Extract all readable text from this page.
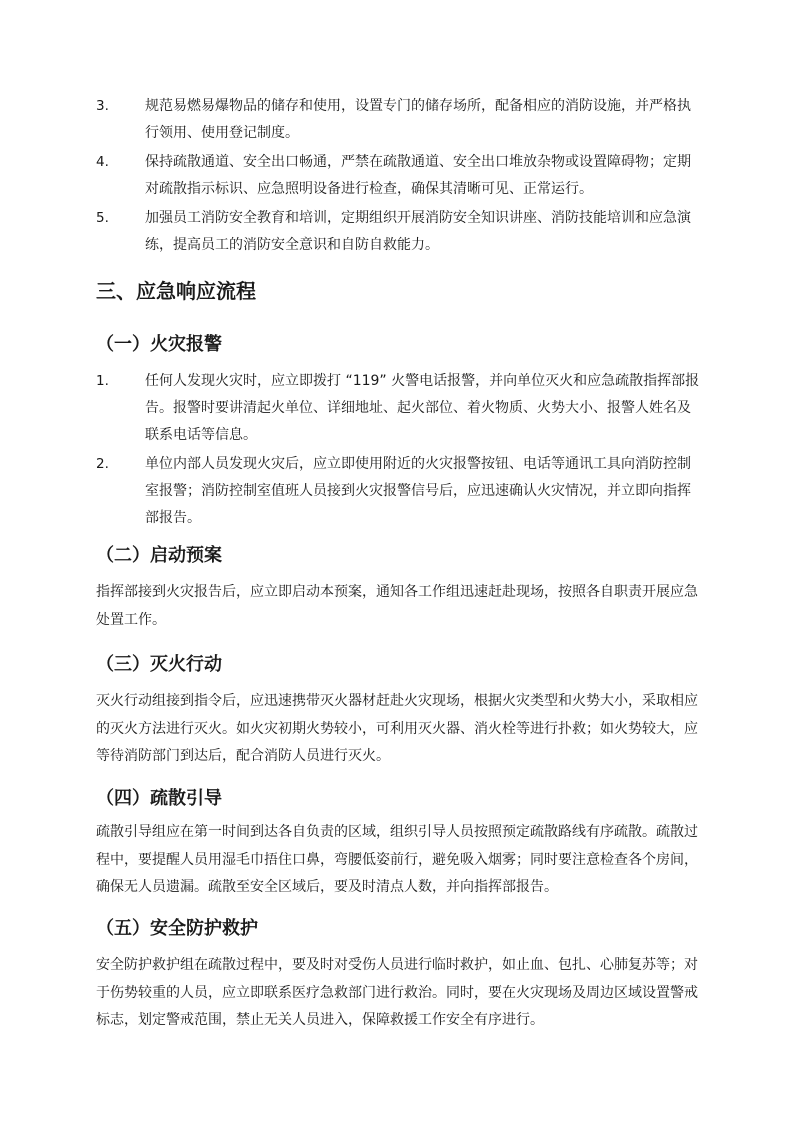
3.	规范易燃易爆物品的储存和使用，设置专门的储存场所，配备相应的消防设施，并严格执行领用、使用登记制度。
4.	保持疏散通道、安全出口畅通，严禁在疏散通道、安全出口堆放杂物或设置障碍物；定期对疏散指示标识、应急照明设备进行检查，确保其清晰可见、正常运行。
5.	加强员工消防安全教育和培训，定期组织开展消防安全知识讲座、消防技能培训和应急演练，提高员工的消防安全意识和自防自救能力。
三、应急响应流程
（一）火灾报警
1.	任何人发现火灾时，应立即拨打 “119” 火警电话报警，并向单位灭火和应急疏散指挥部报告。报警时要讲清起火单位、详细地址、起火部位、着火物质、火势大小、报警人姓名及联系电话等信息。
2.	单位内部人员发现火灾后，应立即使用附近的火灾报警按钮、电话等通讯工具向消防控制室报警；消防控制室值班人员接到火灾报警信号后，应迅速确认火灾情况，并立即向指挥部报告。
（二）启动预案

指挥部接到火灾报告后，应立即启动本预案，通知各工作组迅速赶赴现场，按照各自职责开展应急处置工作。

（三）灭火行动

灭火行动组接到指令后，应迅速携带灭火器材赶赴火灾现场，根据火灾类型和火势大小，采取相应的灭火方法进行灭火。如火灾初期火势较小，可利用灭火器、消火栓等进行扑救；如火势较大，应等待消防部门到达后，配合消防人员进行灭火。

（四）疏散引导

疏散引导组应在第一时间到达各自负责的区域，组织引导人员按照预定疏散路线有序疏散。疏散过程中，要提醒人员用湿毛巾捂住口鼻，弯腰低姿前行，避免吸入烟雾；同时要注意检查各个房间，确保无人员遗漏。疏散至安全区域后，要及时清点人数，并向指挥部报告。

（五）安全防护救护

安全防护救护组在疏散过程中，要及时对受伤人员进行临时救护，如止血、包扎、心肺复苏等；对于伤势较重的人员，应立即联系医疗急救部门进行救治。同时，要在火灾现场及周边区域设置警戒标志，划定警戒范围，禁止无关人员进入，保障救援工作安全有序进行。
